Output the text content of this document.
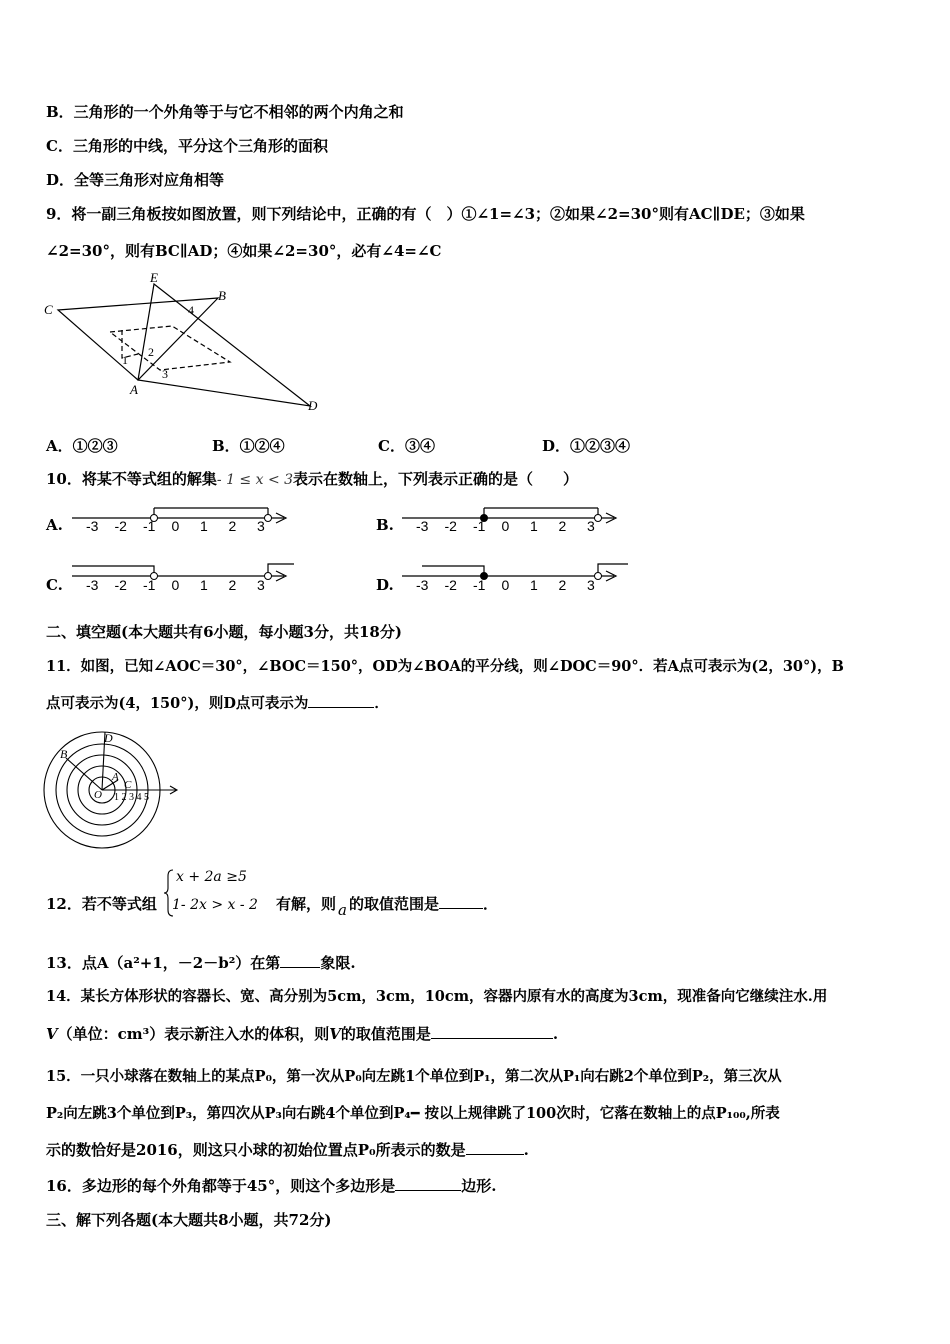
B．三角形的一个外角等于与它不相邻的两个内角之和
C．三角形的中线，平分这个三角形的面积
D．全等三角形对应角相等
9．将一副三角板按如图放置，则下列结论中，正确的有（　）①∠1=∠3；②如果∠2=30°则有AC∥DE；③如果
∠2=30°，则有BC∥AD；④如果∠2=30°，必有∠4=∠C
E
B
C
A
D
1
2
3
4
A．①②③	B．①②④	C．③④	D．①②③④
10．将某不等式组的解集- 1 ≤ x < 3表示在数轴上，下列表示正确的是（　　）
A.	B.
C.	D.
-3 -2 -1 0 1 2 3	-3 -2 -1 0 1 2 3
-3 -2 -1 0 1 2 3	-3 -2 -1 0 1 2 3
二、填空题(本大题共有6小题，每小题3分，共18分)
11．如图，已知∠AOC＝30°，∠BOC＝150°，OD为∠BOA的平分线，则∠DOC＝90°．若A点可表示为(2，30°)，B
点可表示为(4，150°)，则D点可表示为	．
D
B
A
C
O 1 2 3 4 5
12．若不等式组
x + 2a ≥5
1- 2x > x - 2 有解，则 a 的取值范围是	．
13．点A（a²+1，－2－b²）在第	象限.
14．某长方体形状的容器长、宽、高分别为5cm，3cm，10cm，容器内原有水的高度为3cm，现准备向它继续注水.用
V（单位：cm³）表示新注入水的体积，则V的取值范围是	.
15．一只小球落在数轴上的某点P₀，第一次从P₀向左跳1个单位到P₁，第二次从P₁向右跳2个单位到P₂，第三次从
P₂向左跳3个单位到P₃，第四次从P₃向右跳4个单位到P₄━ 按以上规律跳了100次时，它落在数轴上的点P₁₀₀,所表
示的数恰好是2016，则这只小球的初始位置点P₀所表示的数是	.
16．多边形的每个外角都等于45°，则这个多边形是	边形.
三、解下列各题(本大题共8小题，共72分)
